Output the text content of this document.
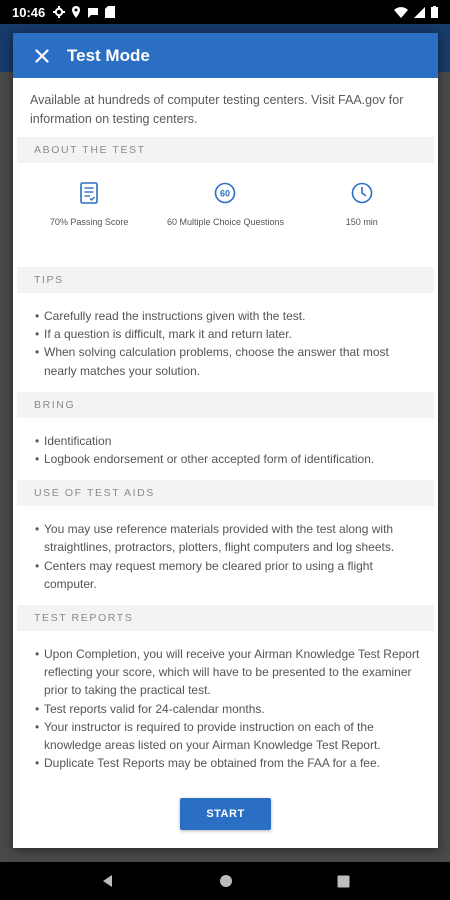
10:46
Test Mode

Available at hundreds of computer testing centers. Visit FAA.gov for information on testing centers.

ABOUT THE TEST
70% Passing Score
60
60 Multiple Choice Questions	150 min
TIPS
• Carefully read the instructions given with the test.
• If a question is difficult, mark it and return later.
• When solving calculation problems, choose the answer that most nearly matches your solution.
BRING
• Identification
• Logbook endorsement or other accepted form of identification.
USE OF TEST AIDS
• You may use reference materials provided with the test along with straightlines, protractors, plotters, flight computers and log sheets.
• Centers may request memory be cleared prior to using a flight computer.
TEST REPORTS
• Upon Completion, you will receive your Airman Knowledge Test Report reflecting your score, which will have to be presented to the examiner prior to taking the practical test.
• Test reports valid for 24-calendar months.
• Your instructor is required to provide instruction on each of the knowledge areas listed on your Airman Knowledge Test Report.
• Duplicate Test Reports may be obtained from the FAA for a fee.
START
